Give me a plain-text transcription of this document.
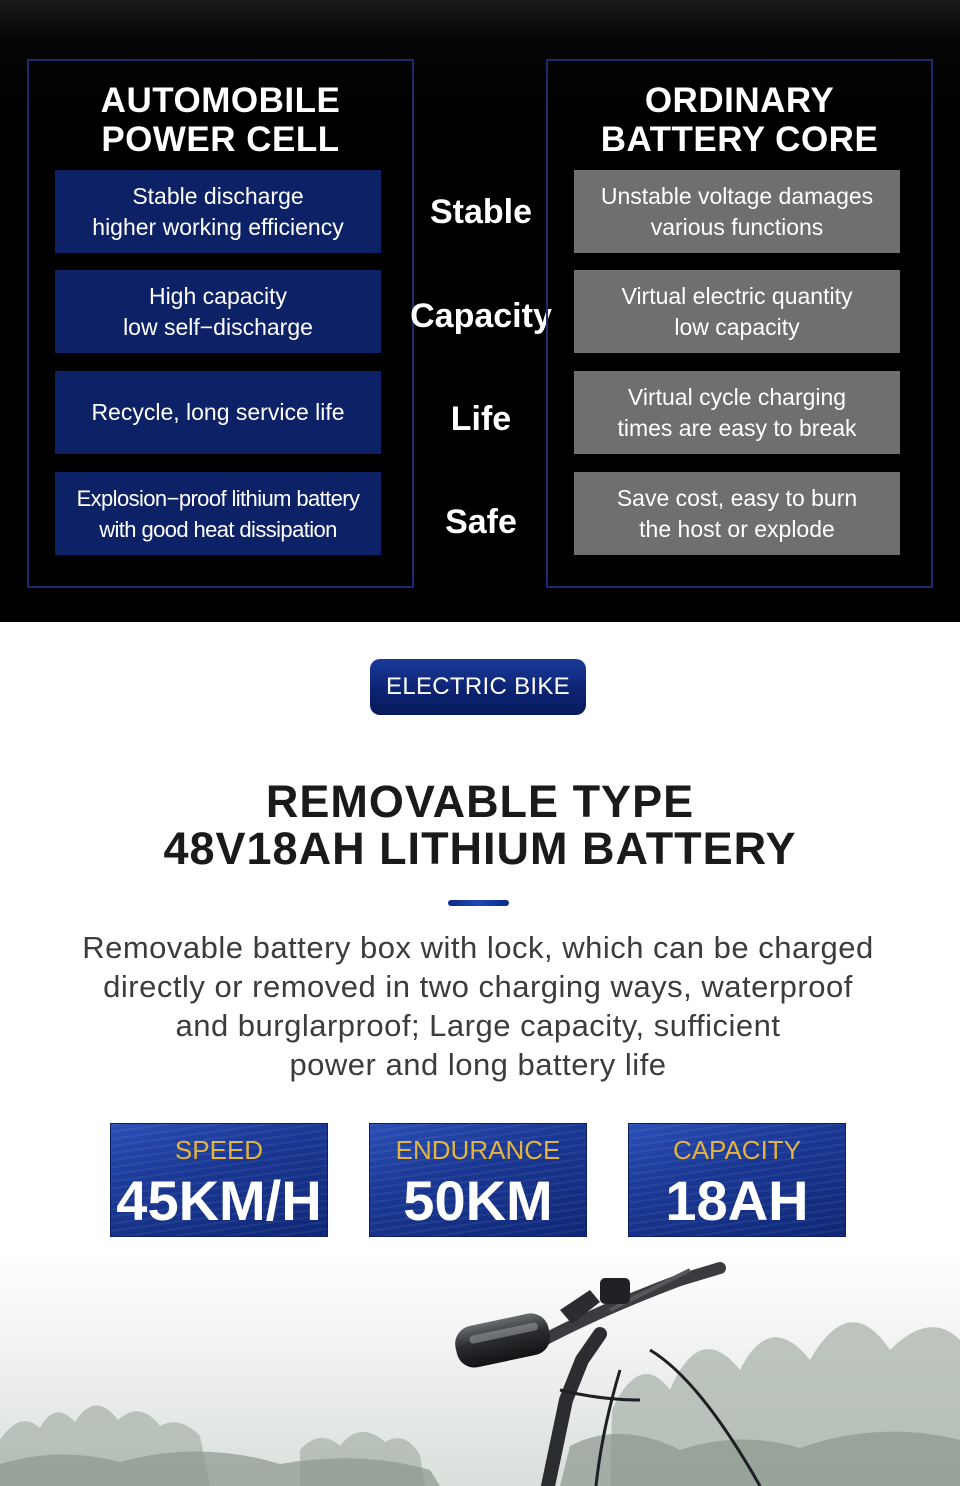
AUTOMOBILE
POWER CELL
Stable discharge
higher working efficiency
High capacity
low self−discharge
Recycle, long service life
Explosion−proof lithium battery
with good heat dissipation
Stable
Capacity
Life
Safe
ORDINARY
BATTERY CORE
Unstable voltage damages
various functions
Virtual electric quantity
low capacity
Virtual cycle charging
times are easy to break
Save cost, easy to burn
the host or explode
ELECTRIC BIKE
REMOVABLE TYPE
48V18AH LITHIUM BATTERY

Removable battery box with lock, which can be charged
directly or removed in two charging ways, waterproof
and burglarproof; Large capacity, sufficient
power and long battery life

SPEED
45KM/H
ENDURANCE
50KM
CAPACITY
18AH
